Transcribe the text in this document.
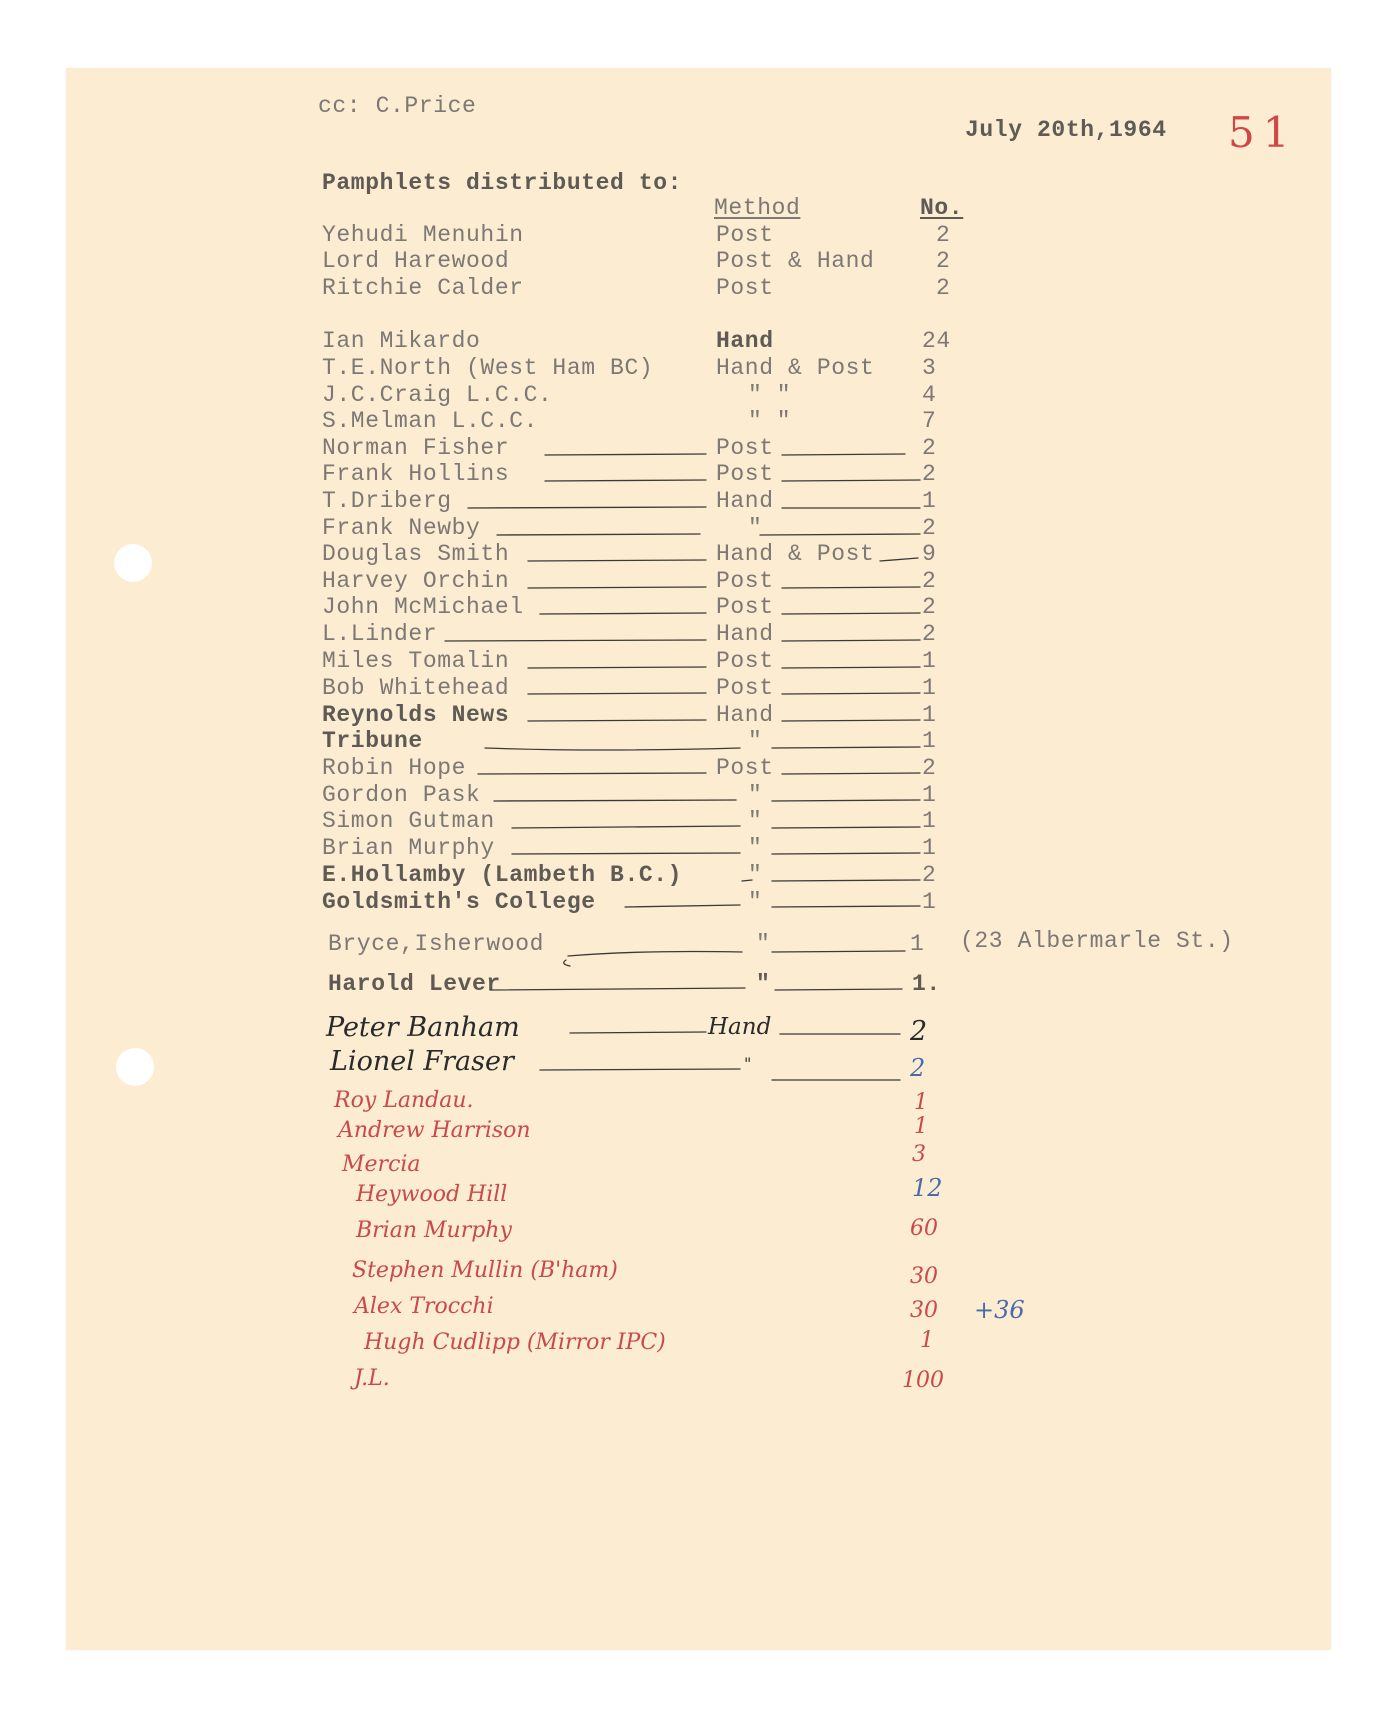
cc: C.Price
July 20th,1964 51
Pamphlets distributed to:
Method	No.
Yehudi Menuhin	Post	2
Lord Harewood	Post & Hand	2
Ritchie Calder	Post	2
Ian Mikardo	Hand	24
T.E.North (West Ham BC)	Hand & Post 3
J.C.Craig L.C.C.	" "	4
S.Melman L.C.C.	" "	7
Norman Fisher	Post	2
Frank Hollins	Post	2
T.Driberg	Hand	1
Frank Newby	"	2
Douglas Smith	Hand & Post 9
Harvey Orchin	Post	2
John McMichael	Post	2
L.Linder	Hand	2
Miles Tomalin	Post	1
Bob Whitehead	Post	1
Reynolds News	Hand	1
Tribune	"	1
Robin Hope	Post	2
Gordon Pask	"	1
Simon Gutman	"	1
Brian Murphy	"	1
E.Hollamby (Lambeth B.C.)	"	2
Goldsmith's College	"	1
Bryce,Isherwood	"	1 (23 Albermarle St.)
Harold Lever	"	1.
Peter Banham	Hand	2
Lionel Fraser	"	2
Roy Landau.	1
Andrew Harrison	1
Mercia	3
Heywood Hill	12
Brian Murphy	60
Stephen Mullin (B'ham)	30
Alex Trocchi	30 +36
Hugh Cudlipp (Mirror IPC)	1
J.L.	100
